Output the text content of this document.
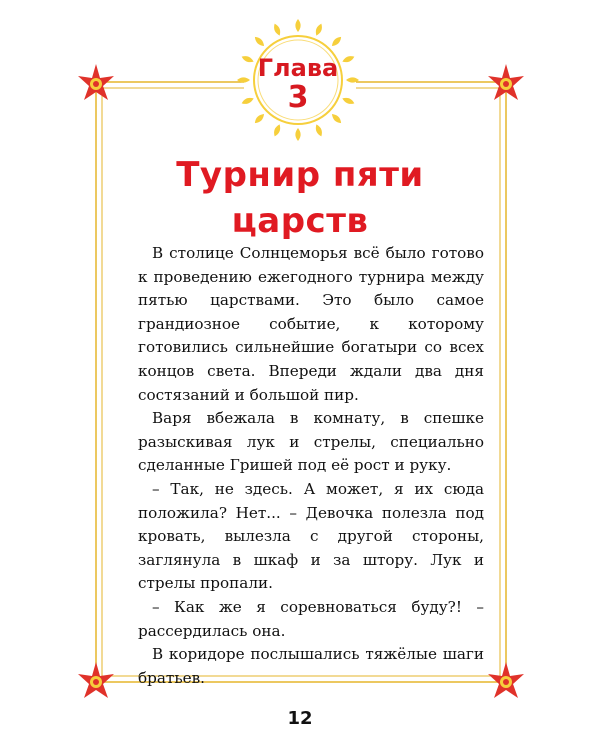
Глава
3
Турнир пяти
царств

В столице Солнцеморья всё было готово к проведению ежегодного турнира между пятью царствами. Это было самое грандиозное событие, к которому готовились сильнейшие богатыри со всех концов света. Впереди ждали два дня состязаний и большой пир.

Варя вбежала в комнату, в спешке разыскивая лук и стрелы, специально сделанные Гришей под её рост и руку.

– Так, не здесь. А может, я их сюда положила? Нет... – Девочка полезла под кровать, вылезла с другой стороны, заглянула в шкаф и за штору. Лук и стрелы пропали.

– Как же я соревноваться буду?! – рассердилась она.

В коридоре послышались тяжёлые шаги братьев.

12
